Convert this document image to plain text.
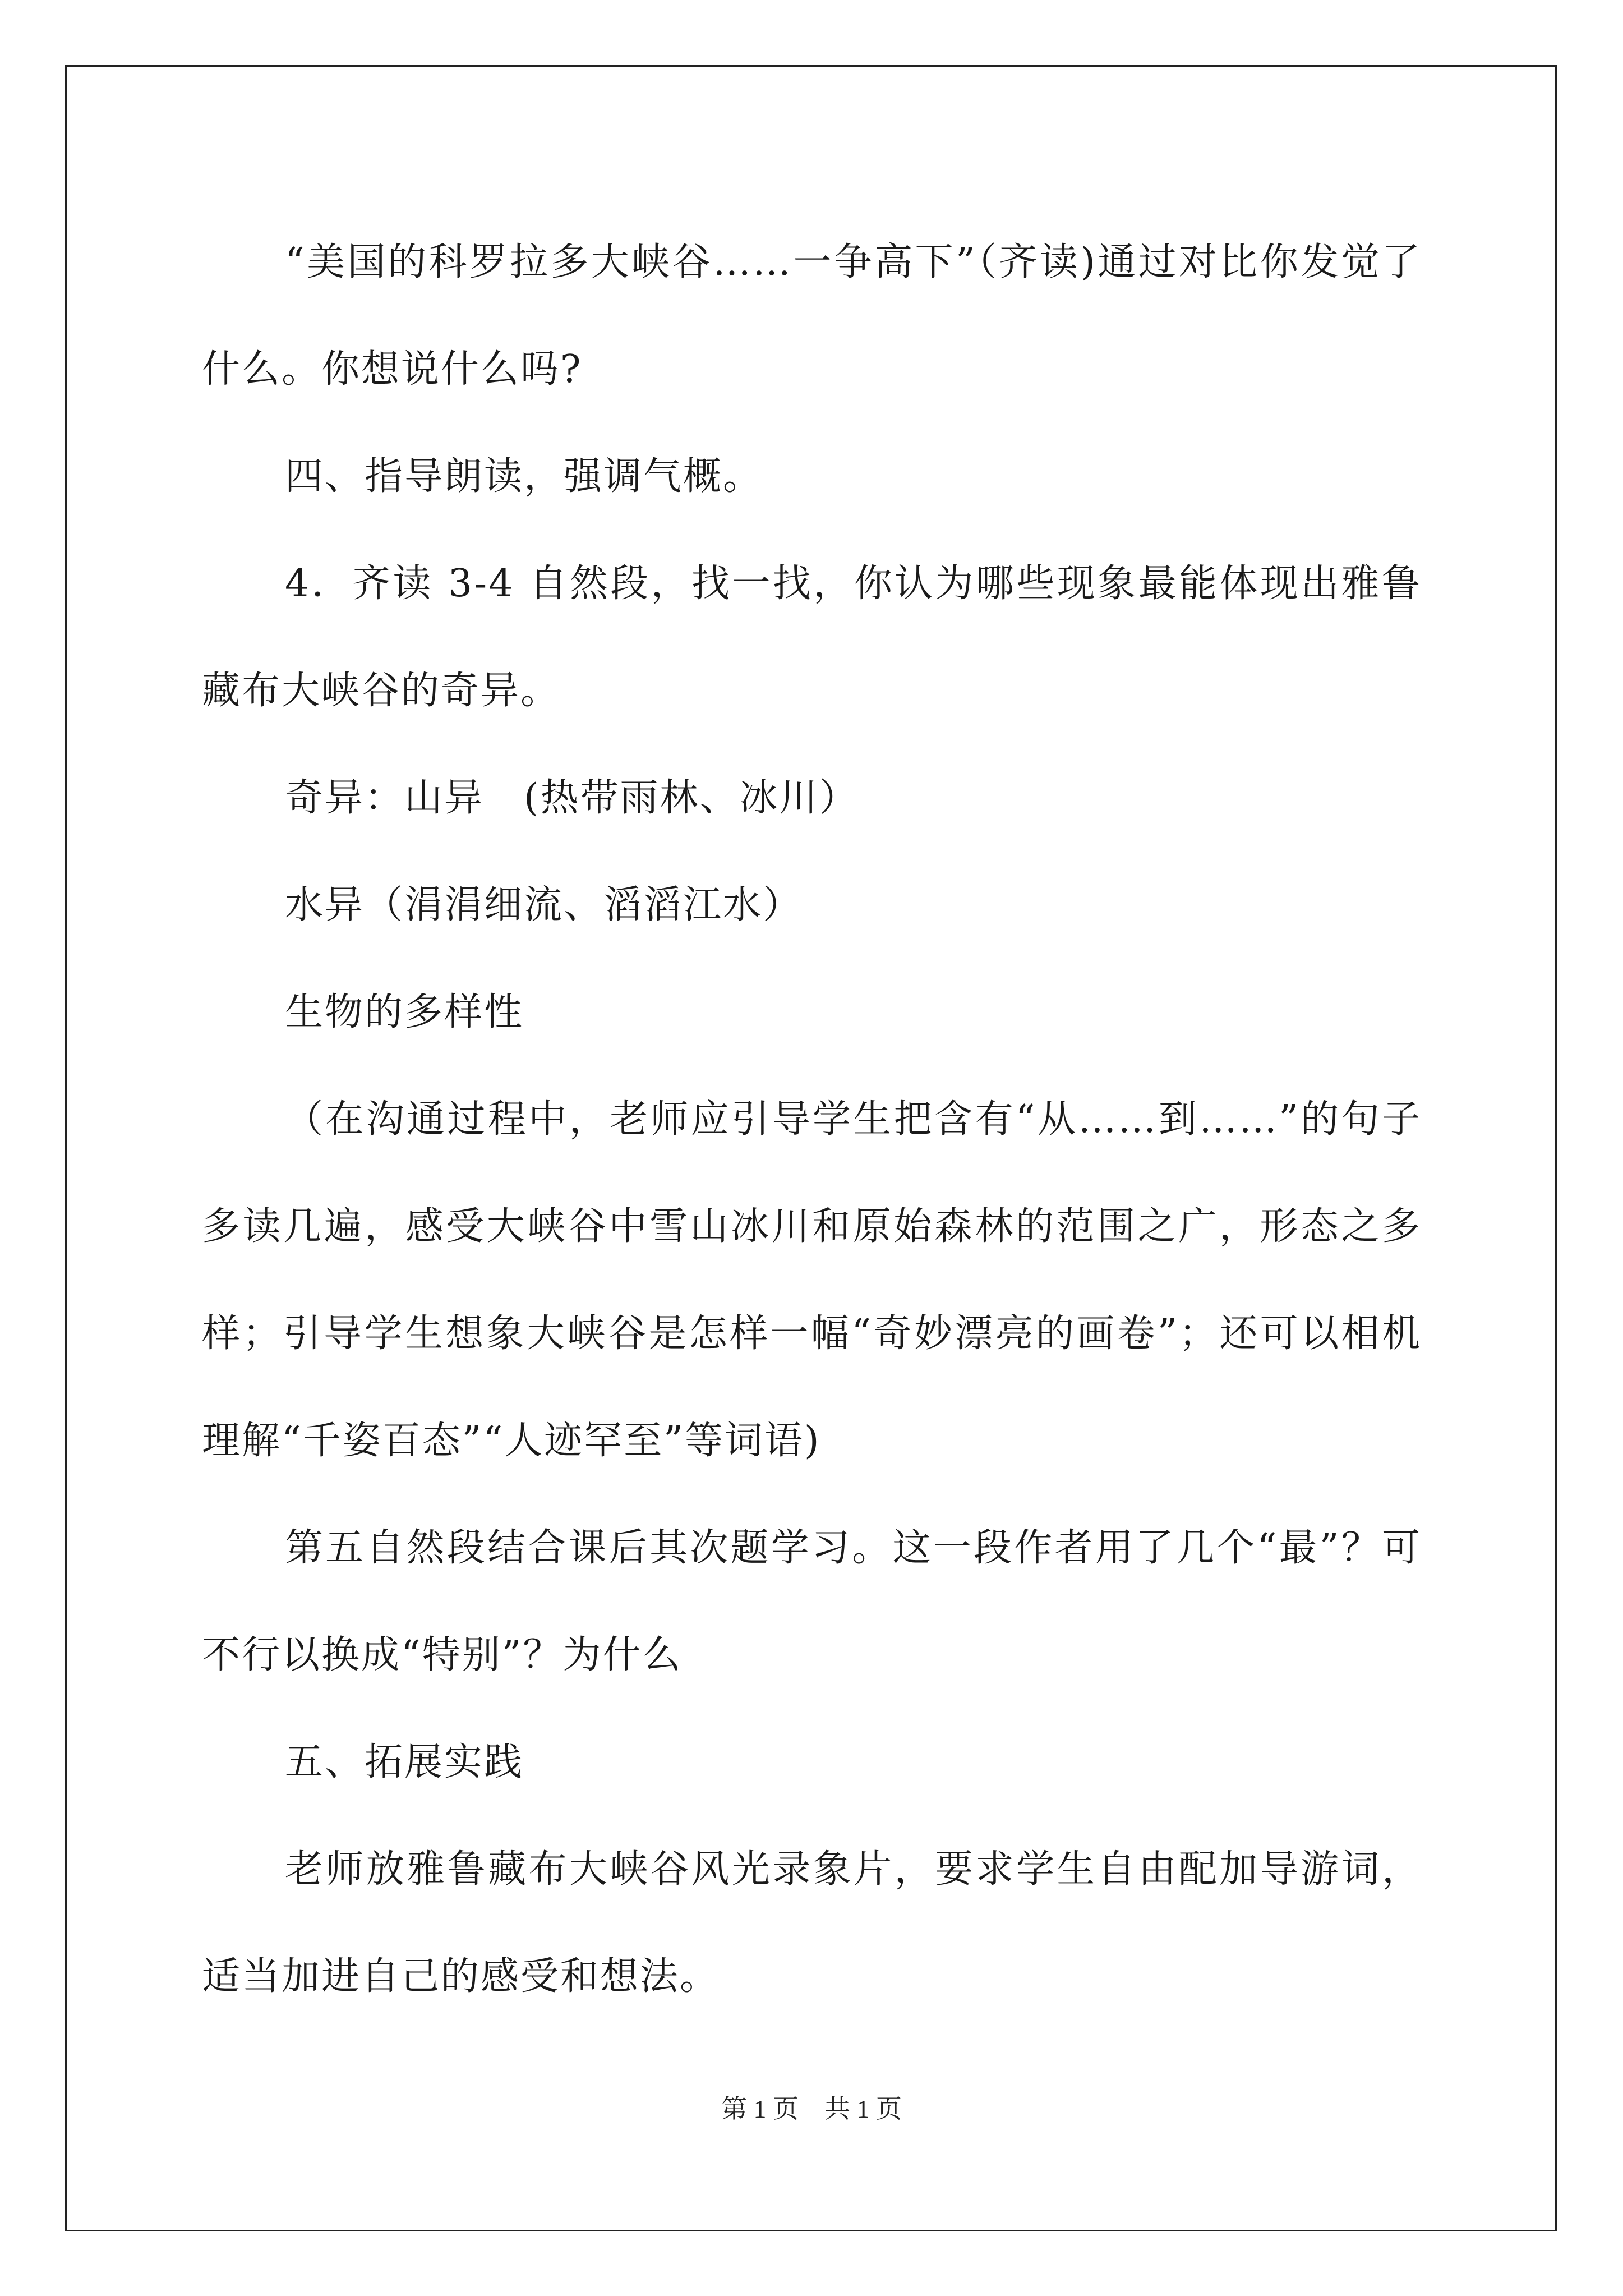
“美国的科罗拉多大峡谷……一争高下”（齐读)通过对比你发觉了什么。你想说什么吗?

四、指导朗读，强调气概。

4．齐读 3-4 自然段，找一找，你认为哪些现象最能体现出雅鲁藏布大峡谷的奇异。

奇异：山异　(热带雨林、冰川）

水异（涓涓细流、滔滔江水）

生物的多样性

（在沟通过程中，老师应引导学生把含有“从……到……”的句子多读几遍，感受大峡谷中雪山冰川和原始森林的范围之广，形态之多样；引导学生想象大峡谷是怎样一幅“奇妙漂亮的画卷”；还可以相机理解“千姿百态”“人迹罕至”等词语)

第五自然段结合课后其次题学习。这一段作者用了几个“最”？可不行以换成“特别”？为什么

五、拓展实践

老师放雅鲁藏布大峡谷风光录象片，要求学生自由配加导游词，适当加进自己的感受和想法。

第 1 页　共 1 页
